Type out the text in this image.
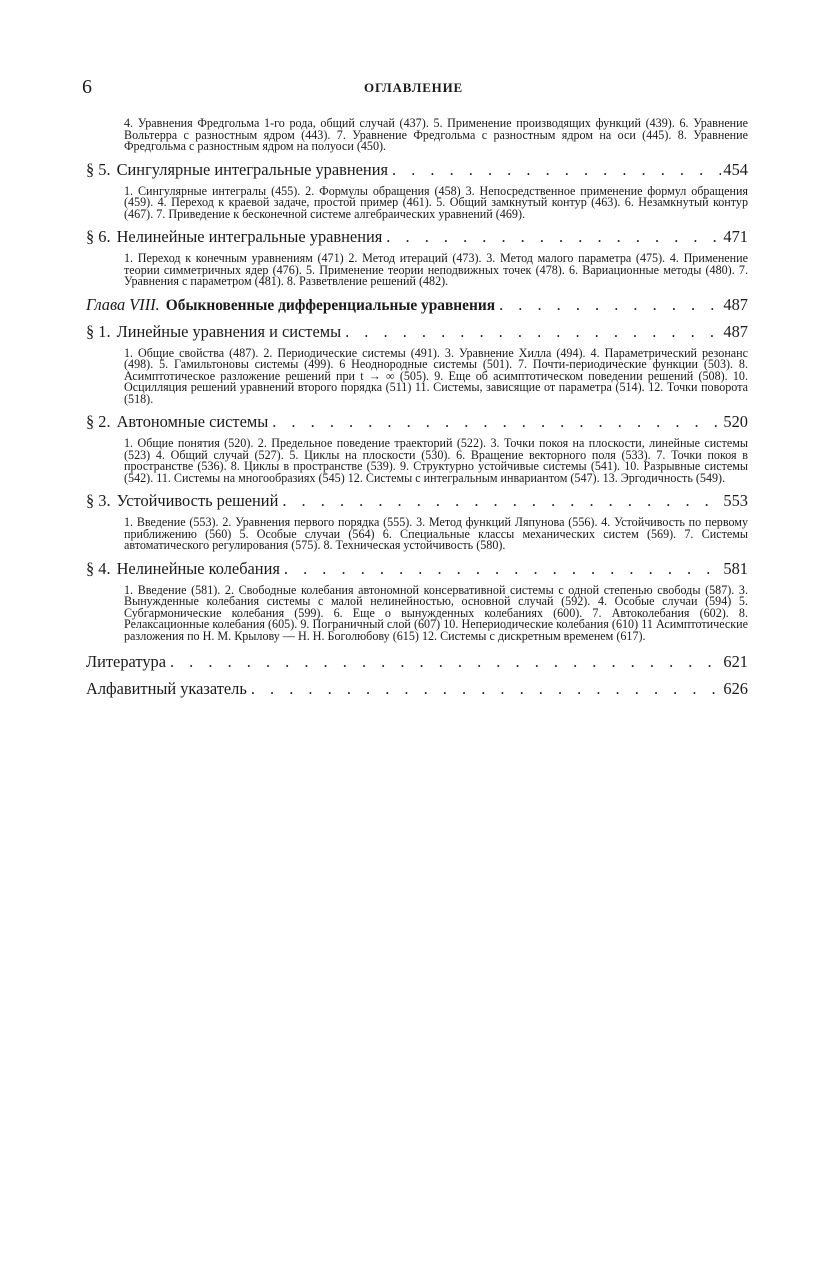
6	ОГЛАВЛЕНИЕ

4. Уравнения Фредгольма 1-го рода, общий случай (437). 5. Применение производящих функций (439). 6. Уравнение Вольтерра с разностным ядром (443). 7. Уравнение Фредгольма с разностным ядром на оси (445). 8. Уравнение Фредгольма с разностным ядром на полуоси (450).

§ 5. Сингулярные интегральные уравнения . . .	454

1. Сингулярные интегралы (455). 2. Формулы обращения (458) 3. Непосредственное применение формул обращения (459). 4. Переход к краевой задаче, простой пример (461). 5. Общий замкнутый контур (463). 6. Незамкнутый контур (467). 7. Приведение к бесконечной системе алгебраических уравнений (469).

§ 6. Нелинейные интегральные уравнения . . .	471

1. Переход к конечным уравнениям (471) 2. Метод итераций (473). 3. Метод малого параметра (475). 4. Применение теории симметричных ядер (476). 5. Применение теории неподвижных точек (478). 6. Вариационные методы (480). 7. Уравнения с параметром (481). 8. Разветвление решений (482).

Глава VIII. Обыкновенные дифференциальные уравнения . . .	487
§ 1. Линейные уравнения и системы . . .	487

1. Общие свойства (487). 2. Периодические системы (491). 3. Уравнение Хилла (494). 4. Параметрический резонанс (498). 5. Гамильтоновы системы (499). 6 Неоднородные системы (501). 7. Почти-периодические функции (503). 8. Асимптотическое разложение решений при t → ∞ (505). 9. Еще об асимптотическом поведении решений (508). 10. Осцилляция решений уравнений второго порядка (511) 11. Системы, зависящие от параметра (514). 12. Точки поворота (518).

§ 2. Автономные системы . . .	520

1. Общие понятия (520). 2. Предельное поведение траекторий (522). 3. Точки покоя на плоскости, линейные системы (523) 4. Общий случай (527). 5. Циклы на плоскости (530). 6. Вращение векторного поля (533). 7. Точки покоя в пространстве (536). 8. Циклы в пространстве (539). 9. Структурно устойчивые системы (541). 10. Разрывные системы (542). 11. Системы на многообразиях (545) 12. Системы с интегральным инвариантом (547). 13. Эргодичность (549).

§ 3. Устойчивость решений . . .	553

1. Введение (553). 2. Уравнения первого порядка (555). 3. Метод функций Ляпунова (556). 4. Устойчивость по первому приближению (560) 5. Особые случаи (564) 6. Специальные классы механических систем (569). 7. Системы автоматического регулирования (575). 8. Техническая устойчивость (580).

§ 4. Нелинейные колебания . . .	581

1. Введение (581). 2. Свободные колебания автономной консервативной системы с одной степенью свободы (587). 3. Вынужденные колебания системы с малой нелинейностью, основной случай (592). 4. Особые случаи (594) 5. Субгармонические колебания (599). 6. Еще о вынужденных колебаниях (600). 7. Автоколебания (602). 8. Релаксационные колебания (605). 9. Пограничный слой (607) 10. Непериодические колебания (610) 11 Асимптотические разложения по Н. М. Крылову — Н. Н. Боголюбову (615) 12. Системы с дискретным временем (617).

Литература . . .	621
Алфавитный указатель . . .	626
